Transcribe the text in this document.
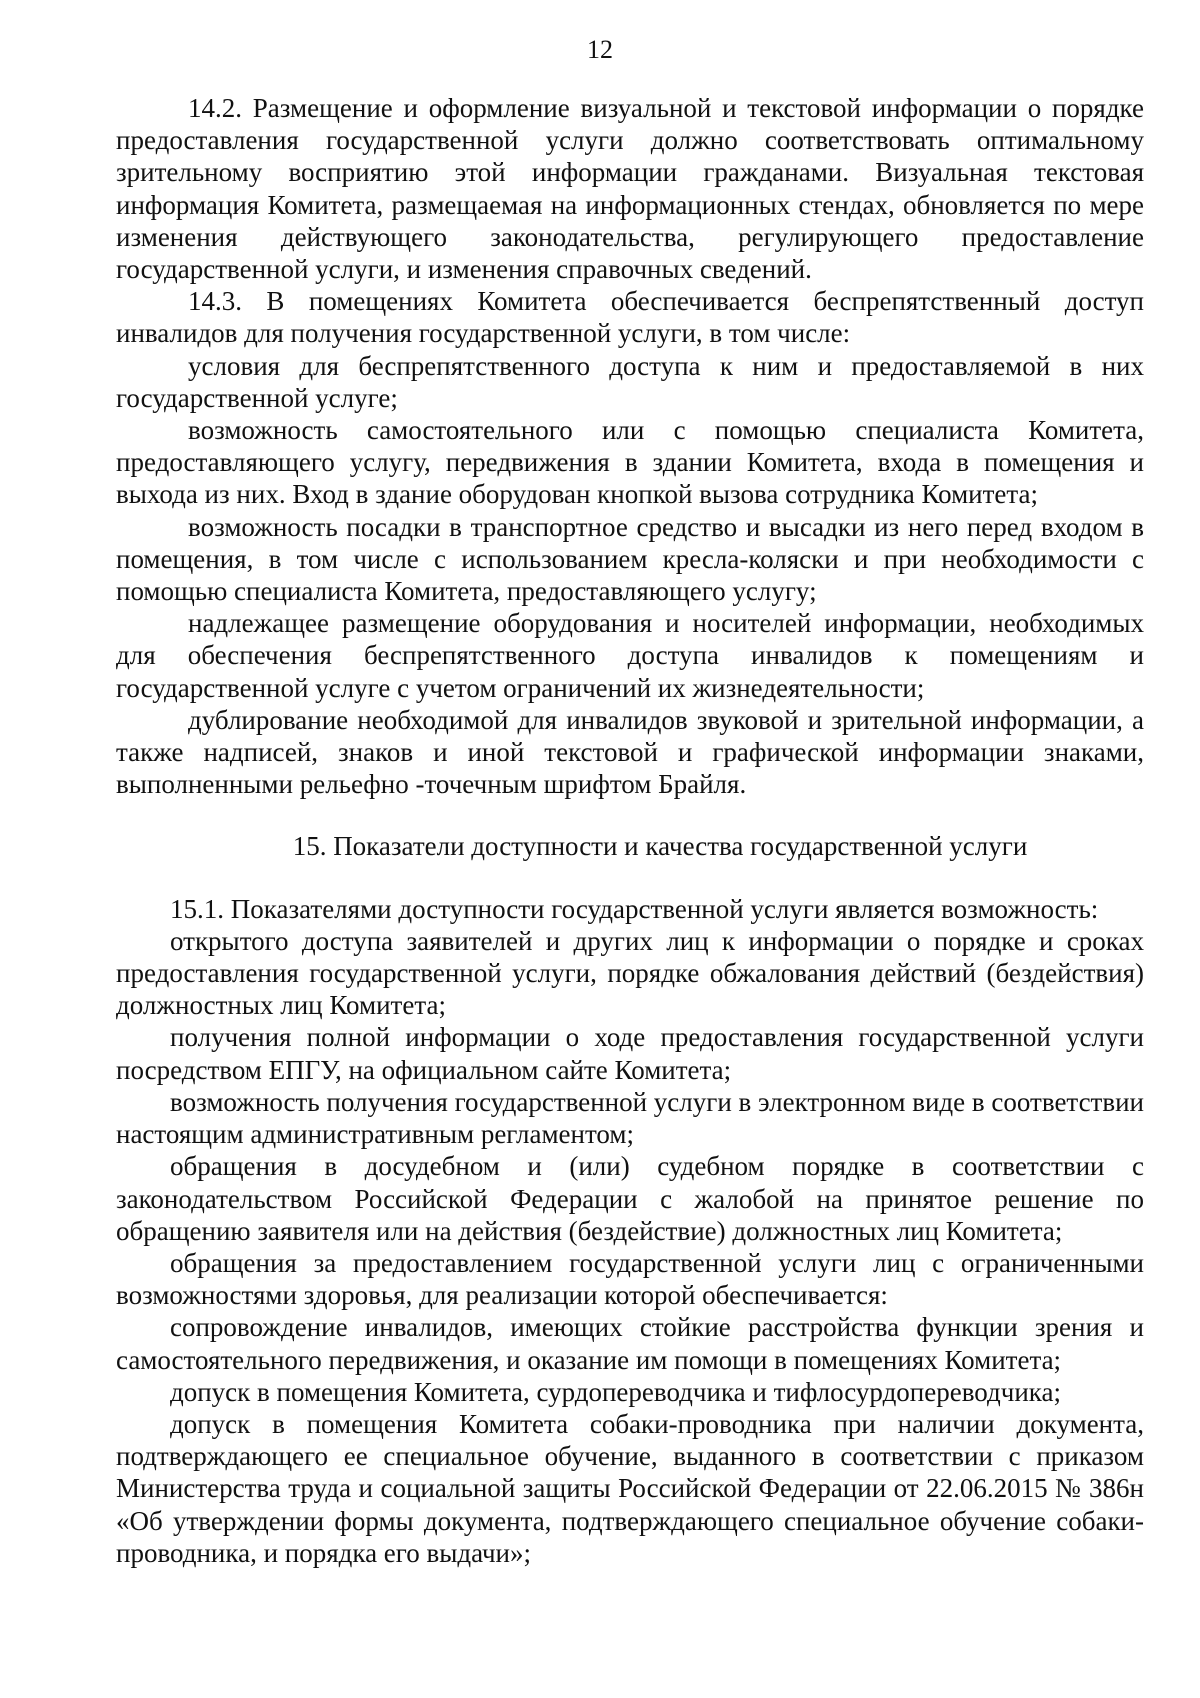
12

14.2. Размещение и оформление визуальной и текстовой информации о порядке предоставления государственной услуги должно соответствовать оптимальному зрительному восприятию этой информации гражданами. Визуальная текстовая информация Комитета, размещаемая на информационных стендах, обновляется по мере изменения действующего законодательства, регулирующего предоставление государственной услуги, и изменения справочных сведений.

14.3. В помещениях Комитета обеспечивается беспрепятственный доступ инвалидов для получения государственной услуги, в том числе:

условия для беспрепятственного доступа к ним и предоставляемой в них государственной услуге;

возможность самостоятельного или с помощью специалиста Комитета, предоставляющего услугу, передвижения в здании Комитета, входа в помещения и выхода из них. Вход в здание оборудован кнопкой вызова сотрудника Комитета;

возможность посадки в транспортное средство и высадки из него перед входом в помещения, в том числе с использованием кресла-коляски и при необходимости с помощью специалиста Комитета, предоставляющего услугу;

надлежащее размещение оборудования и носителей информации, необходимых для обеспечения беспрепятственного доступа инвалидов к помещениям и государственной услуге с учетом ограничений их жизнедеятельности;

дублирование необходимой для инвалидов звуковой и зрительной информации, а также надписей, знаков и иной текстовой и графической информации знаками, выполненными рельефно -точечным шрифтом Брайля.

15. Показатели доступности и качества государственной услуги

15.1. Показателями доступности государственной услуги является возможность:

открытого доступа заявителей и других лиц к информации о порядке и сроках предоставления государственной услуги, порядке обжалования действий (бездействия) должностных лиц Комитета;

получения полной информации о ходе предоставления государственной услуги посредством ЕПГУ, на официальном сайте Комитета;

возможность получения государственной услуги в электронном виде в соответствии настоящим административным регламентом;

обращения в досудебном и (или) судебном порядке в соответствии с законодательством Российской Федерации с жалобой на принятое решение по обращению заявителя или на действия (бездействие) должностных лиц Комитета;

обращения за предоставлением государственной услуги лиц с ограниченными возможностями здоровья, для реализации которой обеспечивается:

сопровождение инвалидов, имеющих стойкие расстройства функции зрения и самостоятельного передвижения, и оказание им помощи в помещениях Комитета;

допуск в помещения Комитета, сурдопереводчика и тифлосурдопереводчика;

допуск в помещения Комитета собаки-проводника при наличии документа, подтверждающего ее специальное обучение, выданного в соответствии с приказом Министерства труда и социальной защиты Российской Федерации от 22.06.2015 № 386н «Об утверждении формы документа, подтверждающего специальное обучение собаки-проводника, и порядка его выдачи»;
